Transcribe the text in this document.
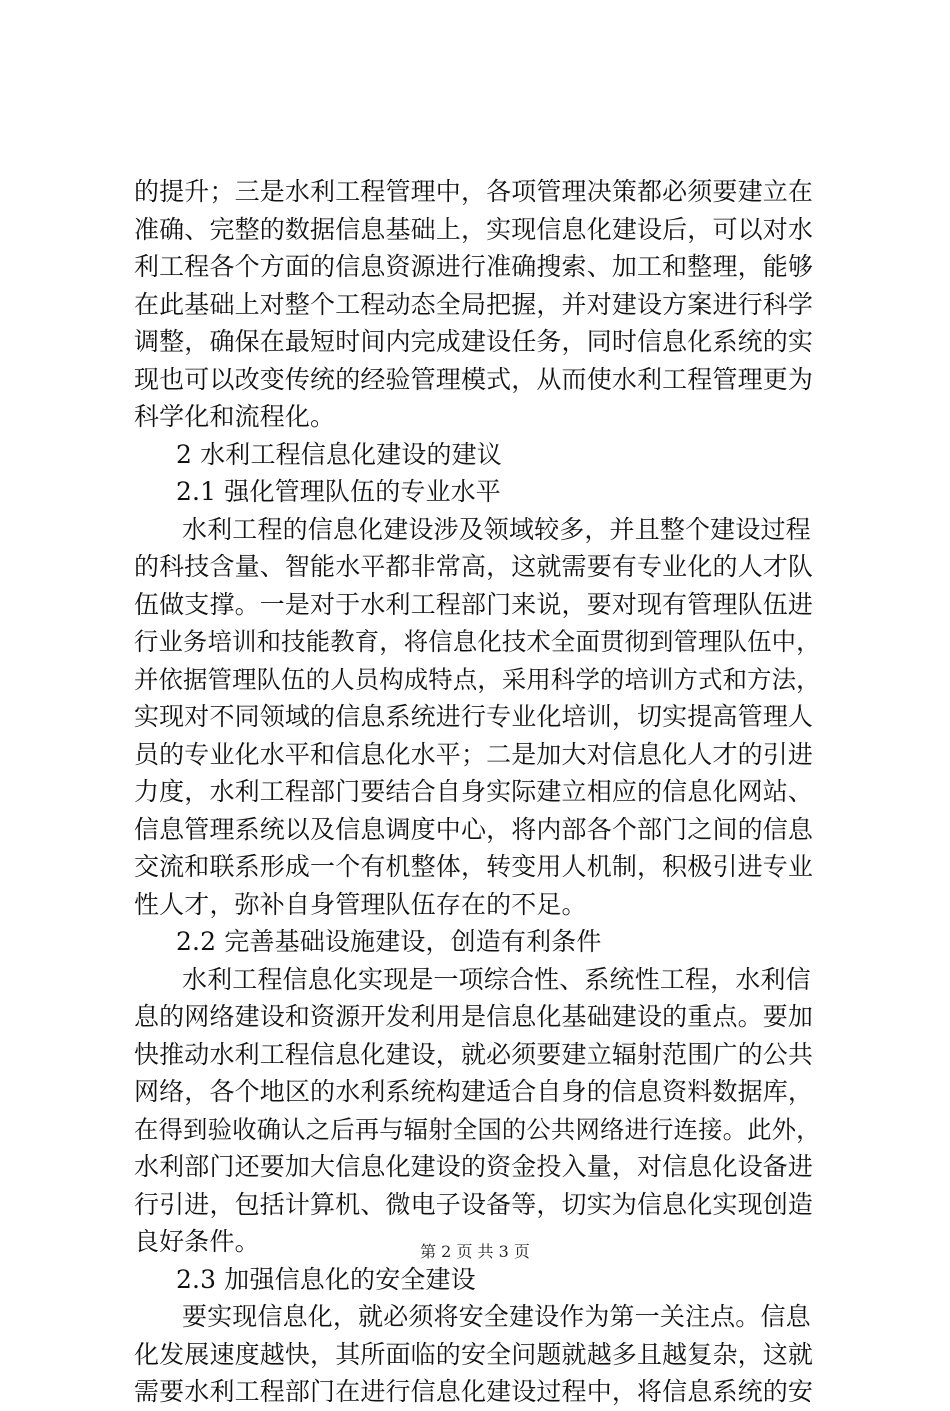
的提升；三是水利工程管理中，各项管理决策都必须要建立在
准确、完整的数据信息基础上，实现信息化建设后，可以对水
利工程各个方面的信息资源进行准确搜索、加工和整理，能够
在此基础上对整个工程动态全局把握，并对建设方案进行科学
调整，确保在最短时间内完成建设任务，同时信息化系统的实
现也可以改变传统的经验管理模式，从而使水利工程管理更为
科学化和流程化。
2 水利工程信息化建设的建议
2.1 强化管理队伍的专业水平
水利工程的信息化建设涉及领域较多，并且整个建设过程
的科技含量、智能水平都非常高，这就需要有专业化的人才队
伍做支撑。一是对于水利工程部门来说，要对现有管理队伍进
行业务培训和技能教育，将信息化技术全面贯彻到管理队伍中，
并依据管理队伍的人员构成特点，采用科学的培训方式和方法，
实现对不同领域的信息系统进行专业化培训，切实提高管理人
员的专业化水平和信息化水平；二是加大对信息化人才的引进
力度，水利工程部门要结合自身实际建立相应的信息化网站、
信息管理系统以及信息调度中心，将内部各个部门之间的信息
交流和联系形成一个有机整体，转变用人机制，积极引进专业
性人才，弥补自身管理队伍存在的不足。
2.2 完善基础设施建设，创造有利条件
水利工程信息化实现是一项综合性、系统性工程，水利信
息的网络建设和资源开发利用是信息化基础建设的重点。要加
快推动水利工程信息化建设，就必须要建立辐射范围广的公共
网络，各个地区的水利系统构建适合自身的信息资料数据库，
在得到验收确认之后再与辐射全国的公共网络进行连接。此外，
水利部门还要加大信息化建设的资金投入量，对信息化设备进
行引进，包括计算机、微电子设备等，切实为信息化实现创造
良好条件。
2.3 加强信息化的安全建设
要实现信息化，就必须将安全建设作为第一关注点。信息
化发展速度越快，其所面临的安全问题就越多且越复杂，这就
需要水利工程部门在进行信息化建设过程中，将信息系统的安
第 2 页 共 3 页
